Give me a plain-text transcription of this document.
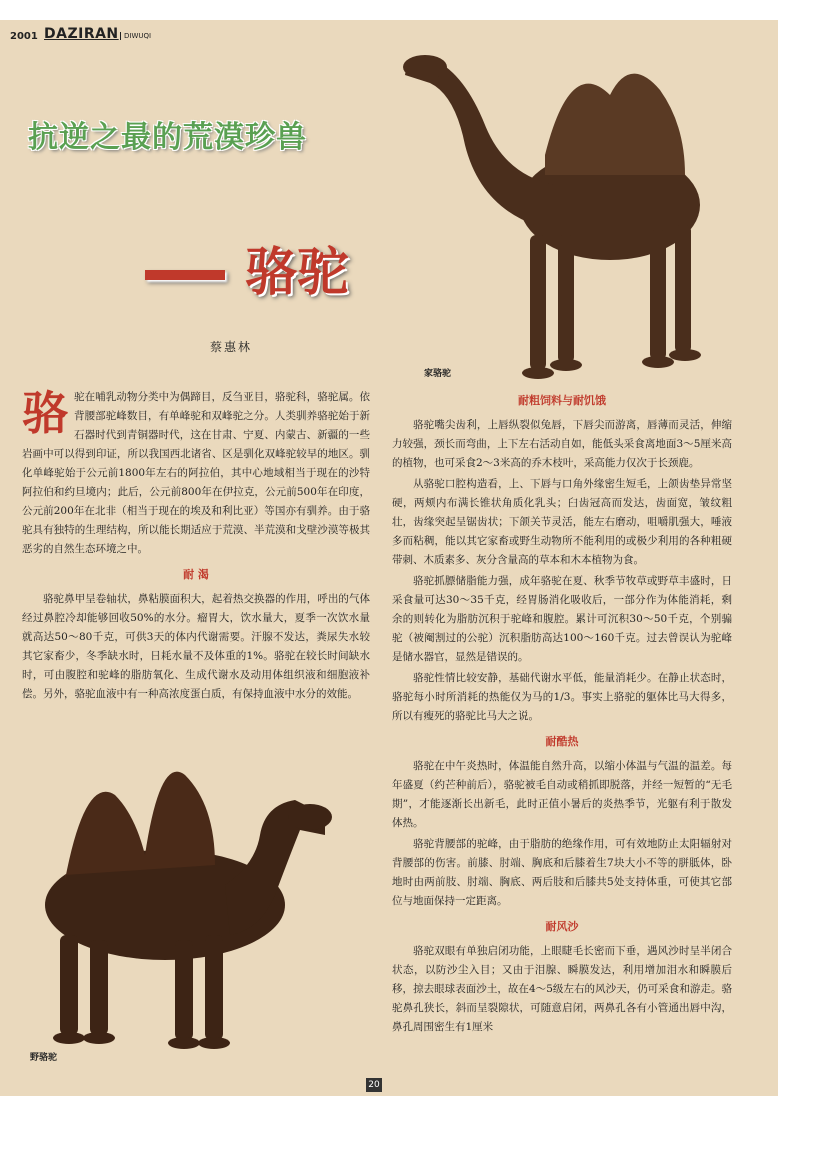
2001 DAZIRAN DIWUQI
抗逆之最的荒漠珍兽
骆驼
蔡惠林
家骆驼
野骆驼

骆驼在哺乳动物分类中为偶蹄目，反刍亚目，骆驼科，骆驼属。依背腰部驼峰数目，有单峰驼和双峰驼之分。人类驯养骆驼始于新石器时代到青铜器时代，这在甘肃、宁夏、内蒙古、新疆的一些岩画中可以得到印证，所以我国西北诸省、区是驯化双峰驼较早的地区。驯化单峰驼始于公元前1800年左右的阿拉伯，其中心地域相当于现在的沙特阿拉伯和约旦境内；此后，公元前800年在伊拉克，公元前500年在印度，公元前200年在北非（相当于现在的埃及和利比亚）等国亦有驯养。由于骆驼具有独特的生理结构，所以能长期适应于荒漠、半荒漠和戈壁沙漠等极其恶劣的自然生态环境之中。

耐 渴

骆驼鼻甲呈卷轴状，鼻粘膜面积大，起着热交换器的作用，呼出的气体经过鼻腔冷却能够回收50%的水分。瘤胃大，饮水量大，夏季一次饮水量就高达50～80千克，可供3天的体内代谢需要。汗腺不发达，粪尿失水较其它家畜少，冬季缺水时，日耗水量不及体重的1%。骆驼在较长时间缺水时，可由腹腔和驼峰的脂肪氧化、生成代谢水及动用体组织液和细胞液补偿。另外，骆驼血液中有一种高浓度蛋白质，有保持血液中水分的效能。

耐粗饲料与耐饥饿

骆驼嘴尖齿利，上唇纵裂似兔唇，下唇尖而游离，唇薄而灵活，伸缩力较强，颈长而弯曲，上下左右活动自如，能低头采食离地面3～5厘米高的植物，也可采食2～3米高的乔木枝叶，采高能力仅次于长颈鹿。

从骆驼口腔构造看，上、下唇与口角外缘密生短毛，上颌齿垫异常坚硬，两颊内布满长锥状角质化乳头；臼齿冠高而发达，齿面宽，皱纹粗壮，齿缘突起呈锯齿状；下颌关节灵活，能左右磨动，咀嚼肌强大，唾液多而粘稠，能以其它家畜或野生动物所不能利用的或极少利用的各种粗硬带刺、木质素多、灰分含量高的草本和木本植物为食。

骆驼抓膘储脂能力强，成年骆驼在夏、秋季节牧草或野草丰盛时，日采食量可达30～35千克，经胃肠消化吸收后，一部分作为体能消耗，剩余的则转化为脂肪沉积于驼峰和腹腔。累计可沉积30～50千克，个别骟驼（被阉割过的公驼）沉积脂肪高达100～160千克。过去曾误认为驼峰是储水器官，显然是错误的。

骆驼性情比较安静，基础代谢水平低，能量消耗少。在静止状态时，骆驼每小时所消耗的热能仅为马的1/3。事实上骆驼的躯体比马大得多，所以有瘦死的骆驼比马大之说。

耐酷热

骆驼在中午炎热时，体温能自然升高，以缩小体温与气温的温差。每年盛夏（约芒种前后），骆驼被毛自动或稍抓即脱落，并经一短暂的“无毛期”，才能逐渐长出新毛，此时正值小暑后的炎热季节，光躯有利于散发体热。

骆驼背腰部的驼峰，由于脂肪的绝缘作用，可有效地防止太阳辐射对背腰部的伤害。前膝、肘端、胸底和后膝着生7块大小不等的胼胝体，卧地时由两前肢、肘端、胸底、两后肢和后膝共5处支持体重，可使其它部位与地面保持一定距离。

耐风沙

骆驼双眼有单独启闭功能，上眼睫毛长密而下垂，遇风沙时呈半闭合状态，以防沙尘入目；又由于泪腺、瞬膜发达，利用增加泪水和瞬膜后移，掠去眼球表面沙土，故在4～5级左右的风沙天，仍可采食和游走。骆驼鼻孔狭长，斜而呈裂隙状，可随意启闭，两鼻孔各有小管通出唇中沟，鼻孔周围密生有1厘米

20
